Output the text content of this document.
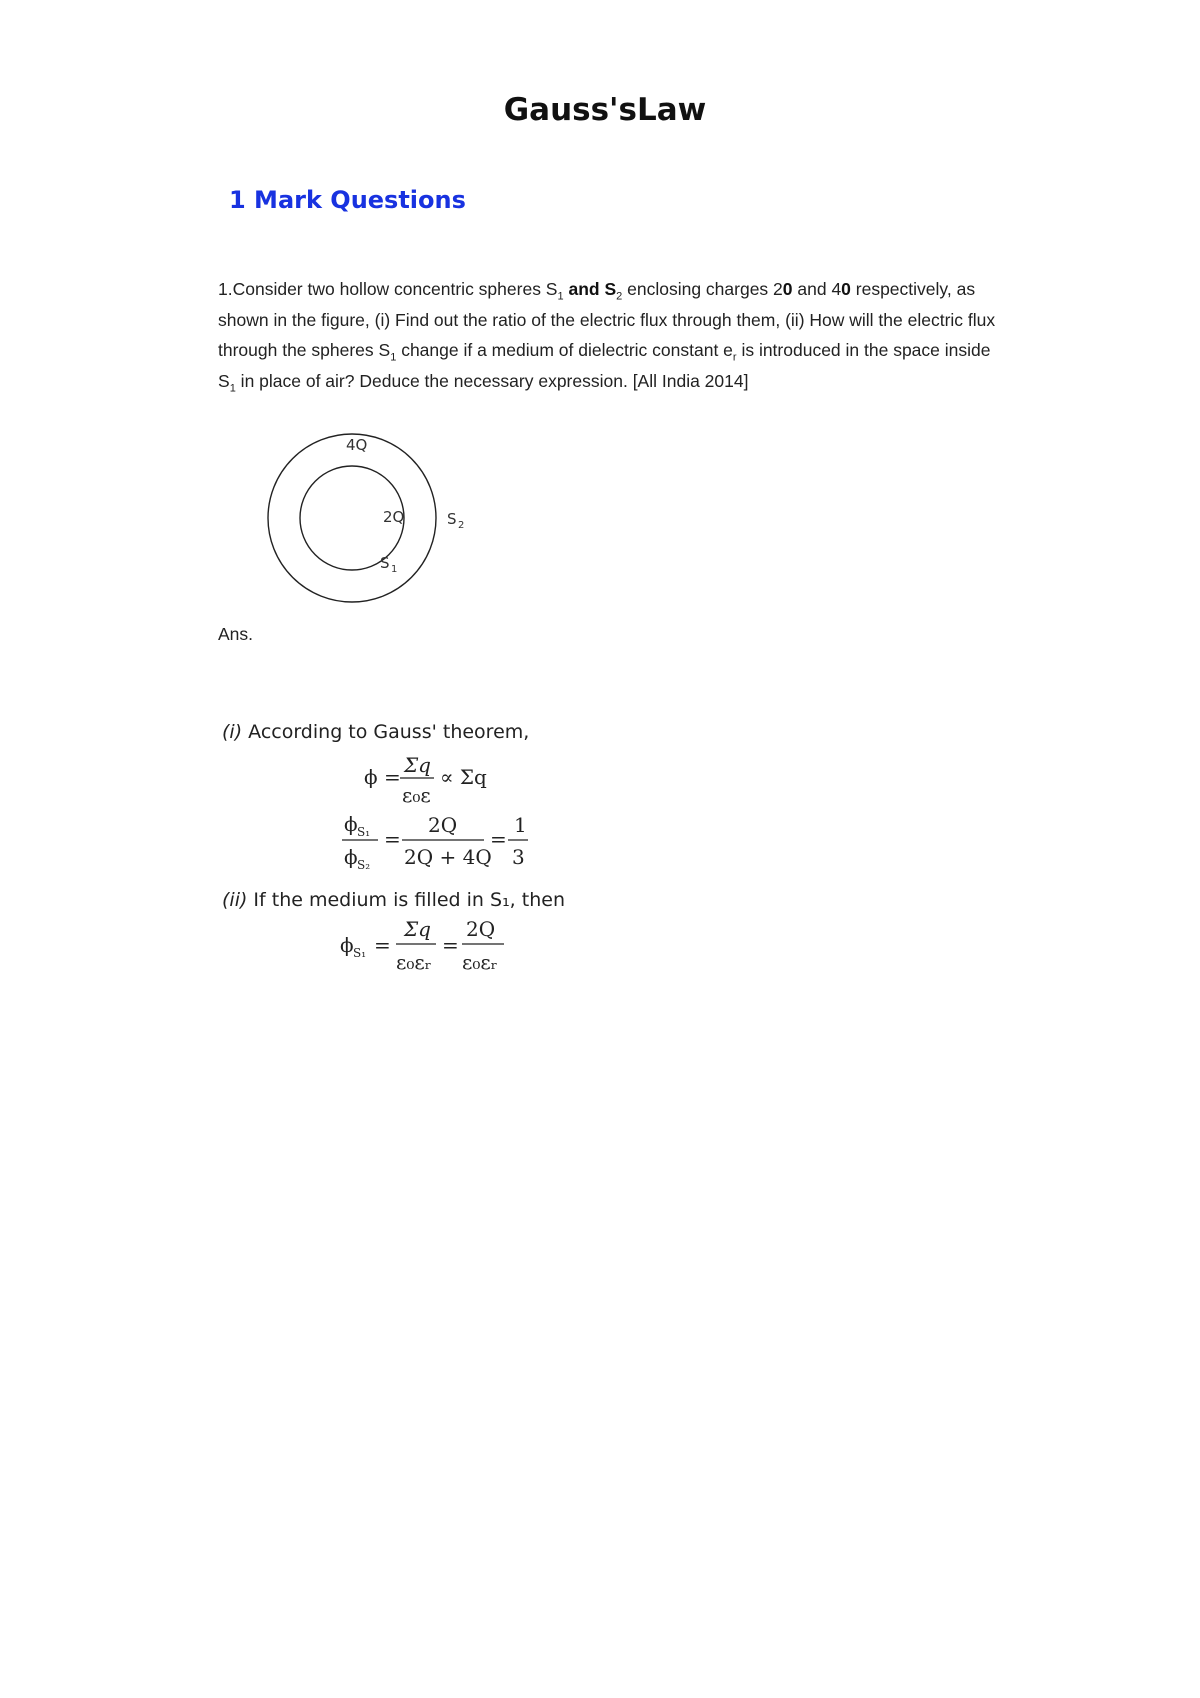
Gauss'sLaw
1 Mark Questions
1.Consider two hollow concentric spheres $S_1$ and $S_2$ enclosing charges 20 and 40 respectively, as shown in the figure, (i) Find out the ratio of the electric flux through them, (ii) How will the electric flux through the spheres $S_1$ change if a medium of dielectric constant $e_r$ is introduced in the space inside $S_1$ in place of air? Deduce the necessary expression. [All India 2014]
4Q
2Q	S 2
S 1
Ans.
(i) According to Gauss' theorem,
ϕ = Σq
ε₀ε
∝ Σq
ϕ S₁
ϕ S₂
=
2Q
2Q + 4Q
=
1
3
(ii) If the medium is filled in S₁, then
ϕ S₁ =
Σq
ε₀εᵣ
=
2Q
ε₀εᵣ
